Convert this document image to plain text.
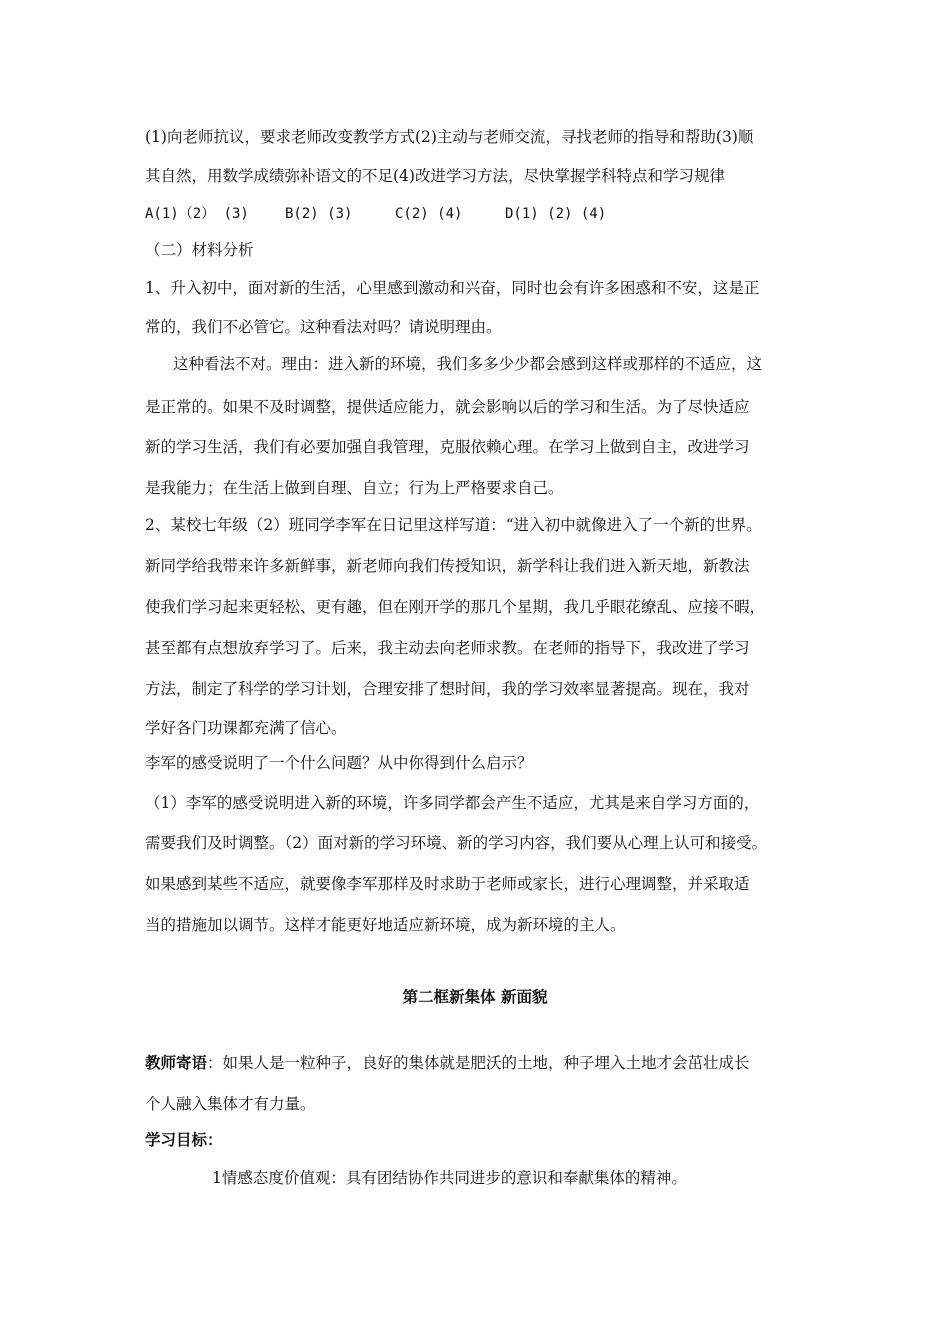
(1)向老师抗议，要求老师改变教学方式(2)主动与老师交流，寻找老师的指导和帮助(3)顺
其自然，用数学成绩弥补语文的不足(4)改进学习方法，尽快掌握学科特点和学习规律
A(1)（2） (3)	B(2) (3)	C(2) (4)	D(1) (2) (4)
（二）材料分析
1、升入初中，面对新的生活，心里感到激动和兴奋，同时也会有许多困惑和不安，这是正
常的，我们不必管它。这种看法对吗？请说明理由。
这种看法不对。理由：进入新的环境，我们多多少少都会感到这样或那样的不适应，这
是正常的。如果不及时调整，提供适应能力，就会影响以后的学习和生活。为了尽快适应
新的学习生活，我们有必要加强自我管理，克服依赖心理。在学习上做到自主，改进学习
是我能力；在生活上做到自理、自立；行为上严格要求自己。
2、某校七年级（2）班同学李军在日记里这样写道：“进入初中就像进入了一个新的世界。
新同学给我带来许多新鲜事，新老师向我们传授知识，新学科让我们进入新天地，新教法
使我们学习起来更轻松、更有趣，但在刚开学的那几个星期，我几乎眼花缭乱、应接不暇，
甚至都有点想放弃学习了。后来，我主动去向老师求教。在老师的指导下，我改进了学习
方法，制定了科学的学习计划，合理安排了想时间，我的学习效率显著提高。现在，我对
学好各门功课都充满了信心。
李军的感受说明了一个什么问题？从中你得到什么启示？
（1）李军的感受说明进入新的环境，许多同学都会产生不适应，尤其是来自学习方面的，
需要我们及时调整。（2）面对新的学习环境、新的学习内容，我们要从心理上认可和接受。
如果感到某些不适应，就要像李军那样及时求助于老师或家长，进行心理调整，并采取适
当的措施加以调节。这样才能更好地适应新环境，成为新环境的主人。
第二框新集体 新面貌
教师寄语：如果人是一粒种子，良好的集体就是肥沃的土地，种子埋入土地才会茁壮成长
个人融入集体才有力量。
学习目标：
1情感态度价值观：具有团结协作共同进步的意识和奉献集体的精神。
